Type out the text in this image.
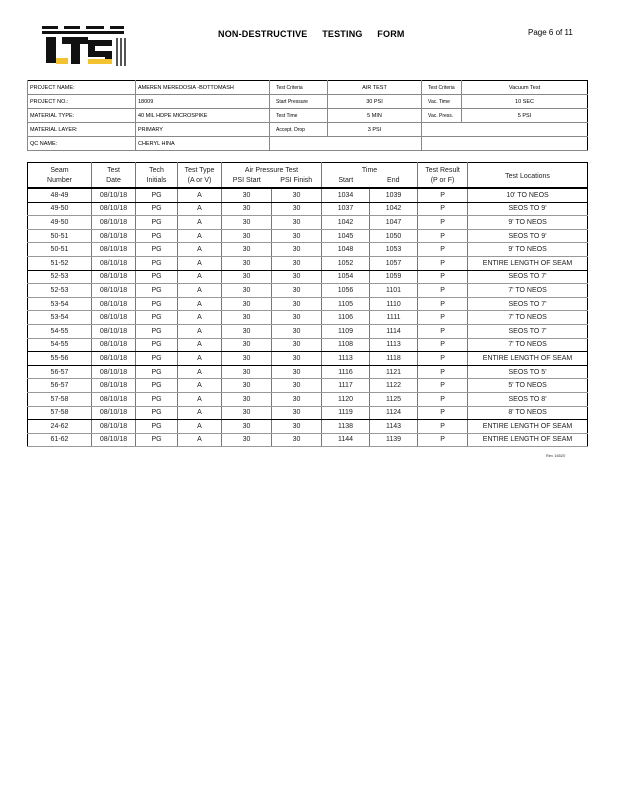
NON-DESTRUCTIVE TESTING FORM	Page 6 of 11
PROJECT NAME:	AMEREN MEREDOSIA -BOTTOMASH	Test Criteria	AIR TEST	Test Criteria	Vacuum Test
PROJECT NO.:	18009	Start Pressure	30 PSI	Vac. Time	10 SEC
MATERIAL TYPE:	40 MIL HDPE MICROSPIKE	Test Time	5 MIN	Vac. Press.	5 PSI
MATERIAL LAYER:	PRIMARY	Accept. Drop	3 PSI		
QC NAME:	CHERYL HINA				
Seam	Test	Tech	Test Type	Air Pressure Test		Time		Test Result	Test Locations
Number	Date	Initials	(A or V)	PSI Start	PSI Finish	Start	End	(P or F)	
48-49	08/10/18	PG	A	30	30	1034	1039	P	10' TO NEOS
49-50	08/10/18	PG	A	30	30	1037	1042	P	SEOS TO 9'
49-50	08/10/18	PG	A	30	30	1042	1047	P	9' TO NEOS
50-51	08/10/18	PG	A	30	30	1045	1050	P	SEOS TO 9'
50-51	08/10/18	PG	A	30	30	1048	1053	P	9' TO NEOS
51-52	08/10/18	PG	A	30	30	1052	1057	P	ENTIRE LENGTH OF SEAM
52-53	08/10/18	PG	A	30	30	1054	1059	P	SEOS TO 7'
52-53	08/10/18	PG	A	30	30	1056	1101	P	7' TO NEOS
53-54	08/10/18	PG	A	30	30	1105	1110	P	SEOS TO 7'
53-54	08/10/18	PG	A	30	30	1106	1111	P	7' TO NEOS
54-55	08/10/18	PG	A	30	30	1109	1114	P	SEOS TO 7'
54-55	08/10/18	PG	A	30	30	1108	1113	P	7' TO NEOS
55-56	08/10/18	PG	A	30	30	1113	1118	P	ENTIRE LENGTH OF SEAM
56-57	08/10/18	PG	A	30	30	1116	1121	P	SEOS TO 5'
56-57	08/10/18	PG	A	30	30	1117	1122	P	5' TO NEOS
57-58	08/10/18	PG	A	30	30	1120	1125	P	SEOS TO 8'
57-58	08/10/18	PG	A	30	30	1119	1124	P	8' TO NEOS
24-62	08/10/18	PG	A	30	30	1138	1143	P	ENTIRE LENGTH OF SEAM
61-62	08/10/18	PG	A	30	30	1144	1139	P	ENTIRE LENGTH OF SEAM
Rev 16520
